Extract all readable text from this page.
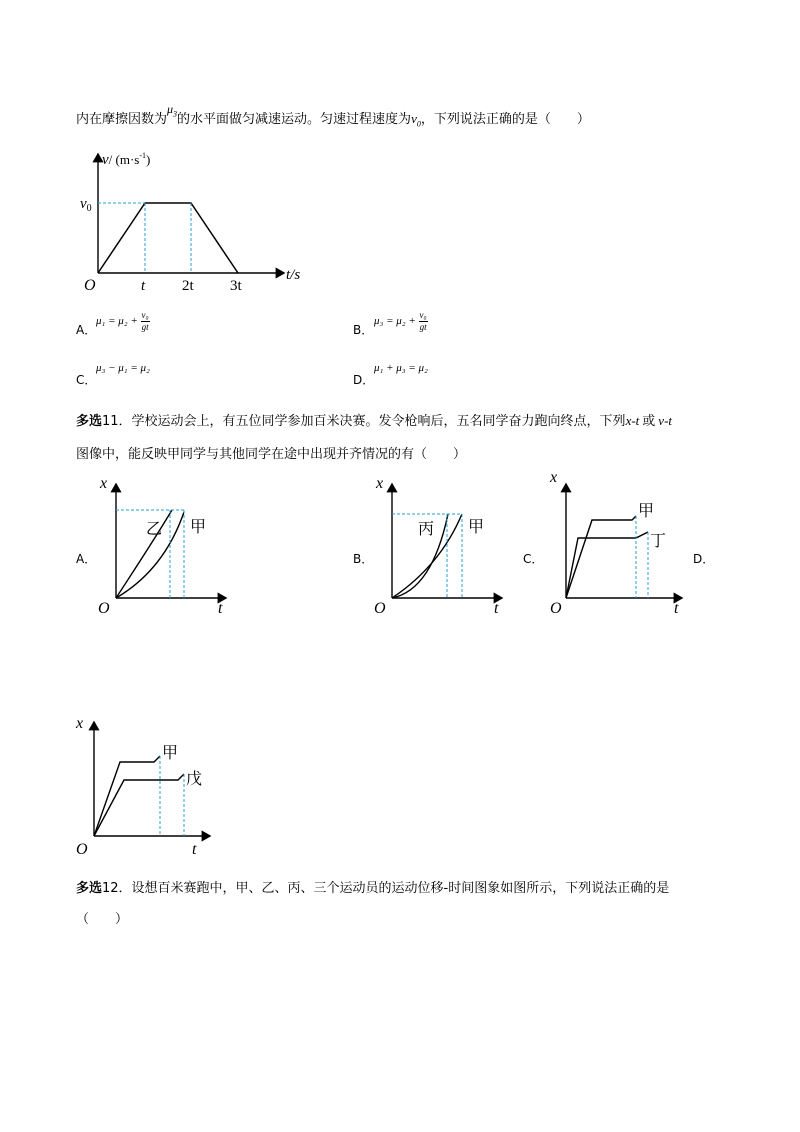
内在摩擦因数为$\mu_3$的水平面做匀减速运动。匀速过程速度为$v_0$，下列说法正确的是（　　）
v/ $(m\cdot s^{-1})$
$v_0$
O	t 2t 3t
t/s
A．
$\mu_1 = \mu_2 + \frac{\text{v₀}}{gt}$	B．
$\mu_3 = \mu_2 + \frac{\text{v₀}}{gt}$
C．
μ₃ − μ₁ = μ₂
D．
μ₁ + μ₃ = μ₂
多选11．学校运动会上，有五位同学参加百米决赛。发令枪响后，五名同学奋力跑向终点，下列x-t 或 v-t
图像中，能反映甲同学与其他同学在途中出现并齐情况的有（　　）
A．
x
t
O
乙 甲
B．
x
t
O
丙 甲
C．
x
t
O
甲
丁
D．
x
t
O
甲
戊
多选12．设想百米赛跑中，甲、乙、丙、三个运动员的运动位移-时间图象如图所示，下列说法正确的是
（　　）
